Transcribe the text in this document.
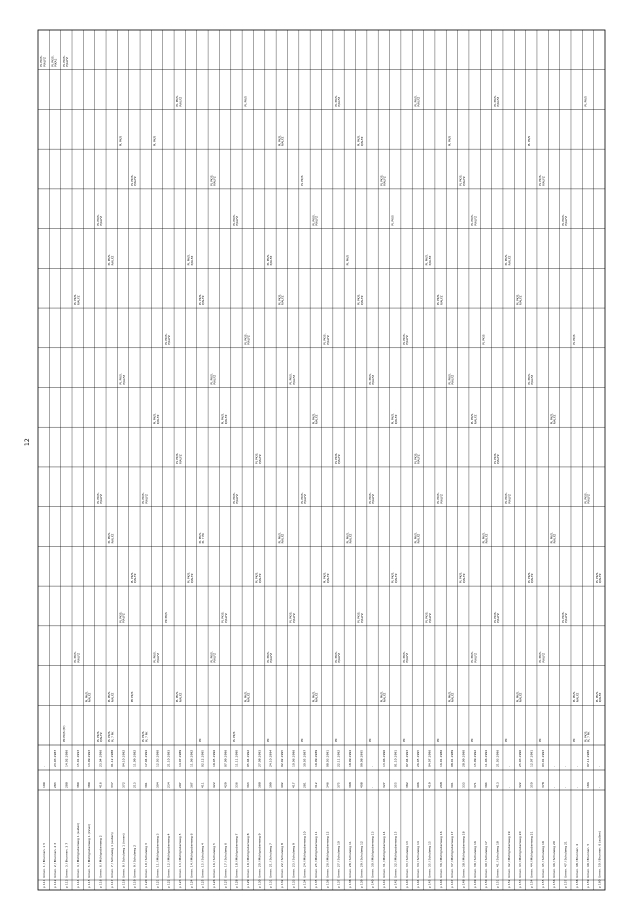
p 111
Urnen. 1 / Brunnen. 1 5
199
-
PL PK/S, P/ALFZ
p 112
Urnen. 2 / Brunnen. 2 3
283
23.03.1987
PL PK/S, P/KA2
p 113
Urnen. 3 / Brunnen. 3 7
288
14.02.1986
PK PK/S (Pr)
PL PK/S, P/ALFZ
p 114
Urnen. 4 / Mühlgrabenweg 1 (außen)
380
15.01.1993
PL PK/S, P/ALFZ
PL PK/S, P/ALFZ
p 115
Urnen. 5 / Mühlgrabenweg 1 (innen)
389
13.09.1993
PL PK/S, P/ALFZ
p 116
Urnen. 6 / Mühlgrabenweg 2
416
23.04.1996
PL PK/S, P/ALFZ
PL PK/S, P/ALFZ
PL PK/S, P/ALFZ
p 117
Urnen. 7 / Schulweg 1 (außen)
337
01.12.1988
PL PK/S, PL 7 PK
PL PK/S, P/ALFZ
PL PK/S, P/ALFZ
PL PK/S, P/ALFZ
p 118
Urnen. 8 / Schulweg 1 (innen)
372
04.10.1992
PL PK/S, P/ALFZ
PL PK/S, P/ALFZ
PL PK/S
p 119
Urnen. 9 / Schulweg 2
213
11.09.1982
PK PK/S
PL PK/S, P/ALFZ
PL PK/S, P/ALFZ
p 120
Urnen. 10 / Schulweg 3
391
17.04.1994
PL PK/S, PL 7 PK
PL PK/S, P/ALFZ
p 121
Urnen. 11 / Mühlgrabenweg 3
304
12.03.1990
PL PK/S, P/ALFZ
PL PK/S, P/ALFZ
PL PK/S
p 122
Urnen. 12 / Mühlgrabenweg 4
234
21.10.1983
PK PK/S
PL PK/S, P/ALFZ
p 123
Urnen. 13 / Mühlgrabenweg 5
297
14.07.1989
PL PK/S, P/ALFZ
PL PK/S, P/ALFZ
PL PK/S, P/ALFZ
p 124
Urnen. 14 / Mühlgrabenweg 6
367
11.06.1992
PL PK/S, P/ALFZ
PL PK/S, P/ALFZ
p 125
Urnen. 15 / Schulweg 4
411
02.12.1995
PK
PL PK/S, PL 7 PK
PL PK/S, P/ALFZ
p 126
Urnen. 16 / Schulweg 5
422
19.05.1996
PL PK/S, P/ALFZ
PL PK/S, P/ALFZ
PL PK/S, P/ALFZ
p 127
Urnen. 17 / Schulweg 6
429
07.09.1996
PL PK/S, P/ALFZ
PL PK/S, P/ALFZ
p 128
Urnen. 18 / Mühlgrabenweg 7
336
11.11.1990
PL PK/S
PL PK/S, P/ALFZ
PL PK/S, P/ALFZ
p 129
Urnen. 19 / Mühlgrabenweg 8
363
05.04.1992
PL PK/S, P/ALFZ
PL PK/S, P/ALFZ
PL PK/S
p 130
Urnen. 20 / Mühlgrabenweg 9
388
27.08.1993
PL PK/S, P/ALFZ
PL PK/S, P/ALFZ
p 131
Urnen. 21 / Schulweg 7
399
24.10.1994
PK
PL PK/S, P/ALFZ
PL PK/S, P/ALFZ
p 132
Urnen. 22 / Schulweg 8
402
02.02.1995
PL PK/S, P/ALFZ
PL PK/S, P/ALFZ
PL PK/S, P/ALFZ
p 133
Urnen. 23 / Schulweg 9
417
10.06.1996
PL PK/S, P/ALFZ
PL PK/S, P/ALFZ
p 134
Urnen. 24 / Mühlgrabenweg 10
281
30.05.1987
PK
PL PK/S, P/ALFZ
PL PK/S
p 135
Urnen. 25 / Mühlgrabenweg 11
312
19.09.1989
PL PK/S, P/ALFZ
PL PK/S, P/ALFZ
PL PK/S, P/ALFZ
p 136
Urnen. 26 / Mühlgrabenweg 12
346
08.03.1991
PL PK/S, P/ALFZ
PL PK/S, P/ALFZ
p 137
Urnen. 27 / Schulweg 10
375
22.11.1992
PK
PL PK/S, P/ALFZ
PL PK/S, P/ALFZ
PL PK/S, P/ALFZ
p 138
Urnen. 28 / Schulweg 11
398
18.09.1994
PL PK/S, P/ALFZ
PL PK/S
p 139
Urnen. 29 / Schulweg 12
408
09.08.1995
PL PK/S, P/ALFZ
PL PK/S, P/ALFZ
PL PK/S, P/ALFZ
p 140
Urnen. 30 / Mühlgrabenweg 13
-
-
PK
PL PK/S, P/ALFZ
PL PK/S, P/ALFZ
p 141
Urnen. 31 / Mühlgrabenweg 14
327
13.06.1990
PL PK/S, P/ALFZ
PL PK/S, P/ALFZ
p 142
Urnen. 32 / Mühlgrabenweg 15
355
01.10.1991
PL PK/S, P/ALFZ
PL PK/S, P/ALFZ
PL PK/S
p 143
Urnen. 33 / Schulweg 13
382
07.04.1993
PK
PL PK/S, P/ALFZ
PL PK/S, P/ALFZ
p 144
Urnen. 34 / Schulweg 14
406
26.05.1995
PL PK/S, P/ALFZ
PL PK/S, P/ALFZ
PL PK/S, P/ALFZ
p 145
Urnen. 35 / Schulweg 15
419
04.07.1996
PL PK/S, P/ALFZ
PL PK/S, P/ALFZ
p 146
Urnen. 36 / Mühlgrabenweg 16
268
16.01.1986
PK
PL PK/S, P/ALFZ
PL PK/S, P/ALFZ
p 147
Urnen. 37 / Mühlgrabenweg 17
301
08.01.1989
PL PK/S, P/ALFZ
PL PK/S, P/ALFZ
PL PK/S
p 148
Urnen. 38 / Mühlgrabenweg 18
333
28.09.1990
PL PK/S, P/ALFZ
PL PK/S, P/ALFZ
p 149
Urnen. 39 / Schulweg 16
371
15.09.1992
PK
PL PK/S, P/ALFZ
PL PK/S, P/ALFZ
PL PK/S, P/ALFZ
p 150
Urnen. 40 / Schulweg 17
394
11.06.1994
PL PK/S, P/ALFZ
PL PK/S
p 151
Urnen. 41 / Schulweg 18
413
21.03.1996
PL PK/S, P/ALFZ
PL PK/S, P/ALFZ
PL PK/S, P/ALFZ
p 152
Urnen. 42 / Mühlgrabenweg 19
-
-
PK
PL PK/S, P/ALFZ
PL PK/S, P/ALFZ
p 153
Urnen. 43 / Mühlgrabenweg 20
322
25.03.1990
PL PK/S, P/ALFZ
PL PK/S, P/ALFZ
p 154
Urnen. 44 / Mühlgrabenweg 21
350
12.07.1991
PL PK/S, P/ALFZ
PL PK/S, P/ALFZ
PL PK/S
p 155
Urnen. 45 / Schulweg 19
378
03.01.1993
PK
PL PK/S, P/ALFZ
PL PK/S, P/ALFZ
p 156
Urnen. 46 / Schulweg 20
-
-
PL PK/S, P/ALFZ
PL PK/S, P/ALFZ
p 157
Urnen. 47 / Schulweg 21
-
-
PL PK/S, P/ALFZ
PL PK/S, P/ALFZ
p 158
Urnen. 48 / Brunnen. 4
-
-
PK
PL PK/S, P/ALFZ
PL PK/S
p 159
Urnen. 49 / Brunnen. 5
186
07.11.1980
PL PK/S, PL 7 PK
PL PK/S, P/ALFZ
PL PK/S
p 160
Urnen. 50 / Brunnen. 6 (außen)
-
-
PL PK/S, P/ALFZ
PL PK/S, P/ALFZ
12
